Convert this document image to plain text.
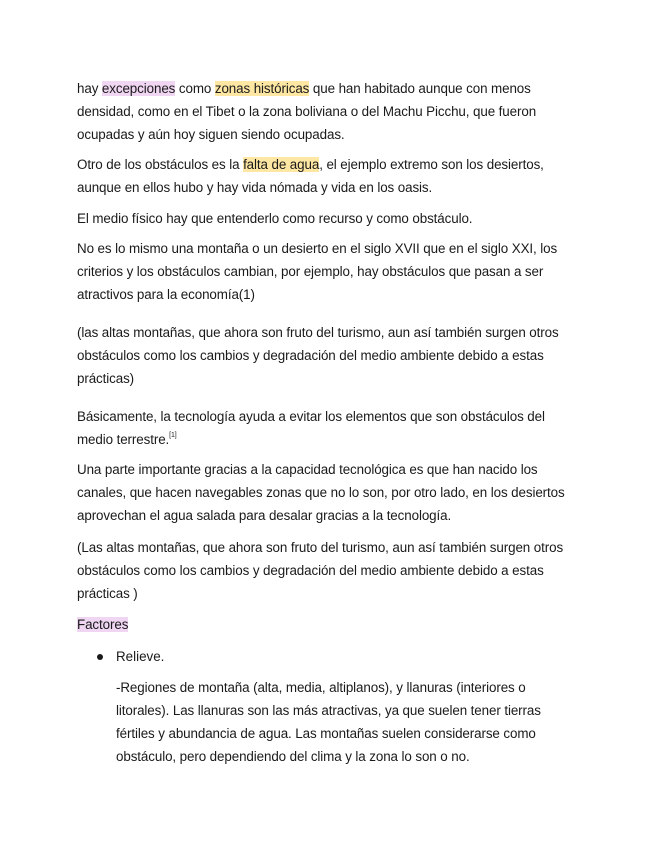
hay excepciones como zonas históricas que han habitado aunque con menos densidad, como en el Tibet o la zona boliviana o del Machu Picchu, que fueron ocupadas y aún hoy siguen siendo ocupadas.

Otro de los obstáculos es la falta de agua, el ejemplo extremo son los desiertos, aunque en ellos hubo y hay vida nómada y vida en los oasis.

El medio físico hay que entenderlo como recurso y como obstáculo.

No es lo mismo una montaña o un desierto en el siglo XVII que en el siglo XXI, los criterios y los obstáculos cambian, por ejemplo, hay obstáculos que pasan a ser atractivos para la economía(1)

(las altas montañas, que ahora son fruto del turismo, aun así también surgen otros obstáculos como los cambios y degradación del medio ambiente debido a estas prácticas)

Básicamente, la tecnología ayuda a evitar los elementos que son obstáculos del medio terrestre.[1]

Una parte importante gracias a la capacidad tecnológica es que han nacido los canales, que hacen navegables zonas que no lo son, por otro lado, en los desiertos aprovechan el agua salada para desalar gracias a la tecnología.

(Las altas montañas, que ahora son fruto del turismo, aun así también surgen otros obstáculos como los cambios y degradación del medio ambiente debido a estas prácticas )

Factores

Relieve.

-Regiones de montaña (alta, media, altiplanos), y llanuras (interiores o litorales). Las llanuras son las más atractivas, ya que suelen tener tierras fértiles y abundancia de agua. Las montañas suelen considerarse como obstáculo, pero dependiendo del clima y la zona lo son o no.
